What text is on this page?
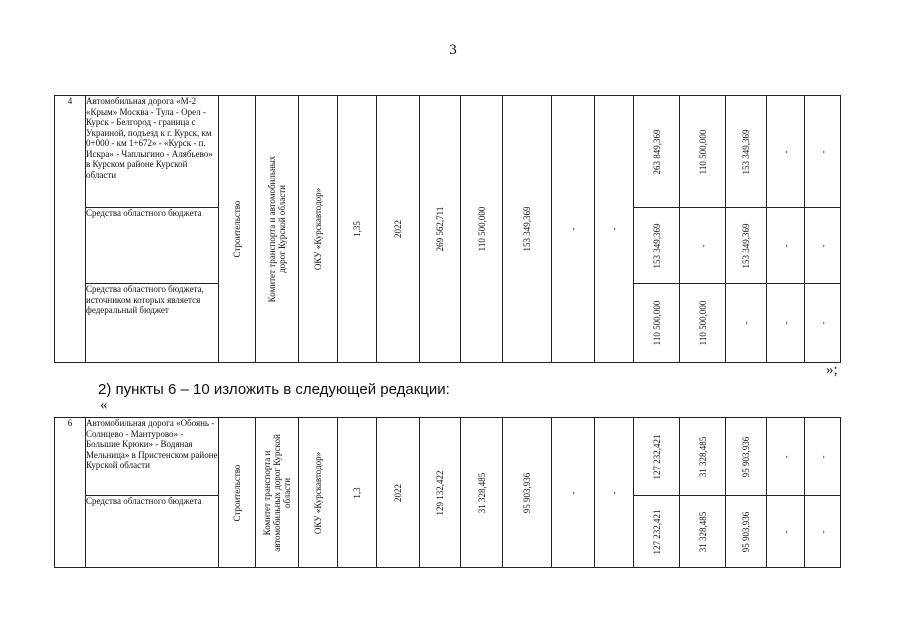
3
4	Автомобильная дорога «М-2 «Крым» Москва - Тула - Орел - Курск - Белгород - граница с Украиной, подъезд к г. Курск, км 0+000 - км 1+672» - «Курск - п. Искра» - Чаплыгино - Алябьево» в Курском районе Курской области	Строительство	Комитет транспорта и автомобильных дорог Курской области	ОКУ «Курскавтодор»	1,35	2022	269 562,711	110 500,000	153 349,369	-	-	263 849,369	110 500,000	153 349,369	-	-

	Средства областного бюджета											153 349,369	-	153 349,369	-	-	

	Средства областного бюджета, источником которых является федеральный бюджет											110 500,000	110 500,000	-	-	-	
»;
2) пункты 6 – 10 изложить в следующей редакции:
«
6	Автомобильная дорога «Обоянь - Солнцево - Мантурово» - Большие Крюки» - Водяная Мельница» в Пристенском районе Курской области	Строительство	Комитет транспорта и автомобильных дорог Курской области	ОКУ «Курскавтодор»	1,3	2022	129 132,422	31 328,485	95 903,936	-	-	127 232,421	31 328,485	95 903,936	-	-

	Средства областного бюджета											127 232,421	31 328,485	95 903,936	-	-	
